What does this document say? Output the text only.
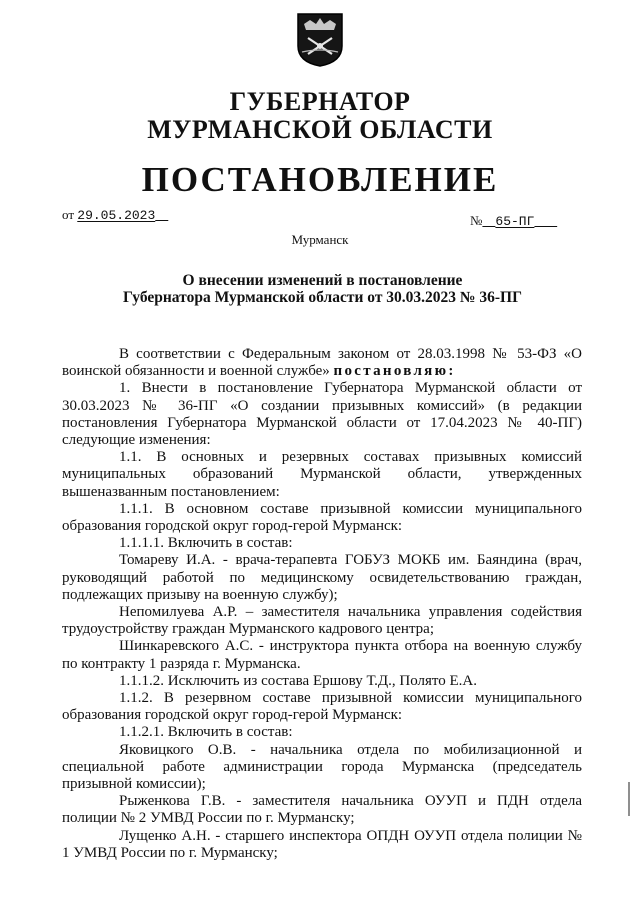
ГУБЕРНАТОР
МУРМАНСКОЙ ОБЛАСТИ
ПОСТАНОВЛЕНИЕ
от 29.05.2023	№ 65-ПГ
Мурманск
О внесении изменений в постановление
Губернатора Мурманской области от 30.03.2023 № 36-ПГ

В соответствии с Федеральным законом от 28.03.1998 № 53-ФЗ «О воинской обязанности и военной службе» постановляю:

1. Внести в постановление Губернатора Мурманской области от 30.03.2023 № 36-ПГ «О создании призывных комиссий» (в редакции постановления Губернатора Мурманской области от 17.04.2023 № 40-ПГ) следующие изменения:

1.1. В основных и резервных составах призывных комиссий муниципальных образований Мурманской области, утвержденных вышеназванным постановлением:

1.1.1. В основном составе призывной комиссии муниципального образования городской округ город-герой Мурманск:

1.1.1.1. Включить в состав:

Томареву И.А. - врача-терапевта ГОБУЗ МОКБ им. Баяндина (врач, руководящий работой по медицинскому освидетельствованию граждан, подлежащих призыву на военную службу);

Непомилуева А.Р. – заместителя начальника управления содействия трудоустройству граждан Мурманского кадрового центра;

Шинкаревского А.С. - инструктора пункта отбора на военную службу по контракту 1 разряда г. Мурманска.

1.1.1.2. Исключить из состава Ершову Т.Д., Полято Е.А.

1.1.2. В резервном составе призывной комиссии муниципального образования городской округ город-герой Мурманск:

1.1.2.1. Включить в состав:

Яковицкого О.В. - начальника отдела по мобилизационной и специальной работе администрации города Мурманска (председатель призывной комиссии);

Рыженкова Г.В. - заместителя начальника ОУУП и ПДН отдела полиции № 2 УМВД России по г. Мурманску;

Лущенко А.Н. - старшего инспектора ОПДН ОУУП отдела полиции № 1 УМВД России по г. Мурманску;
